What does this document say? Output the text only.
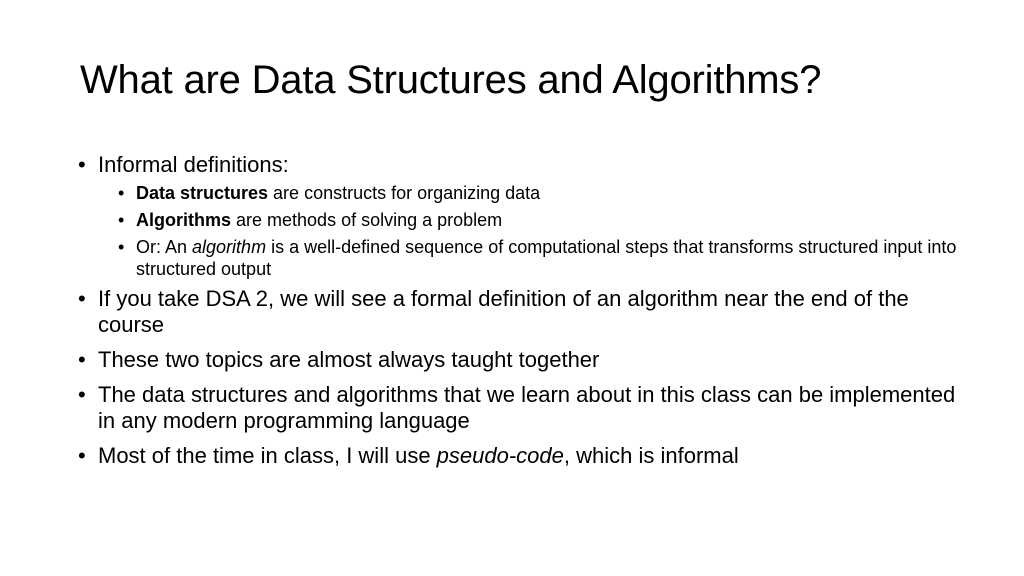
What are Data Structures and Algorithms?
• Informal definitions:
• Data structures are constructs for organizing data
• Algorithms are methods of solving a problem
• Or: An algorithm is a well-defined sequence of computational steps that transforms structured input into structured output
• If you take DSA 2, we will see a formal definition of an algorithm near the end of the course
• These two topics are almost always taught together
• The data structures and algorithms that we learn about in this class can be implemented in any modern programming language
• Most of the time in class, I will use pseudo-code, which is informal
